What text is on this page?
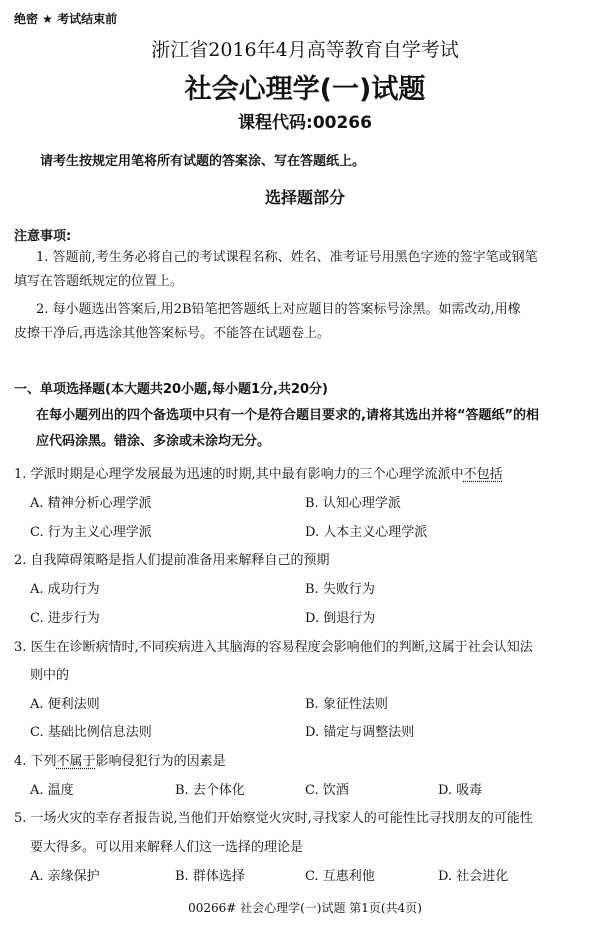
绝密 ★ 考试结束前
浙江省2016年4月高等教育自学考试
社会心理学(一)试题
课程代码:00266
请考生按规定用笔将所有试题的答案涂、写在答题纸上。
选择题部分
注意事项:
1. 答题前,考生务必将自己的考试课程名称、姓名、准考证号用黑色字迹的签字笔或钢笔
填写在答题纸规定的位置上。
2. 每小题选出答案后,用2B铅笔把答题纸上对应题目的答案标号涂黑。如需改动,用橡
皮擦干净后,再选涂其他答案标号。不能答在试题卷上。
一、单项选择题(本大题共20小题,每小题1分,共20分)
在每小题列出的四个备选项中只有一个是符合题目要求的,请将其选出并将“答题纸”的相
应代码涂黑。错涂、多涂或未涂均无分。
1. 学派时期是心理学发展最为迅速的时期,其中最有影响力的三个心理学流派中不包括
A. 精神分析心理学派	B. 认知心理学派
C. 行为主义心理学派	D. 人本主义心理学派
2. 自我障碍策略是指人们提前准备用来解释自己的预期
A. 成功行为	B. 失败行为
C. 进步行为	D. 倒退行为
3. 医生在诊断病情时,不同疾病进入其脑海的容易程度会影响他们的判断,这属于社会认知法
则中的
A. 便利法则	B. 象征性法则
C. 基础比例信息法则	D. 锚定与调整法则
4. 下列不属于影响侵犯行为的因素是
A. 温度	B. 去个体化	C. 饮酒	D. 吸毒
5. 一场火灾的幸存者报告说,当他们开始察觉火灾时,寻找家人的可能性比寻找朋友的可能性
要大得多。可以用来解释人们这一选择的理论是
A. 亲缘保护	B. 群体选择	C. 互惠利他	D. 社会进化
00266# 社会心理学(一)试题 第1页(共4页)
